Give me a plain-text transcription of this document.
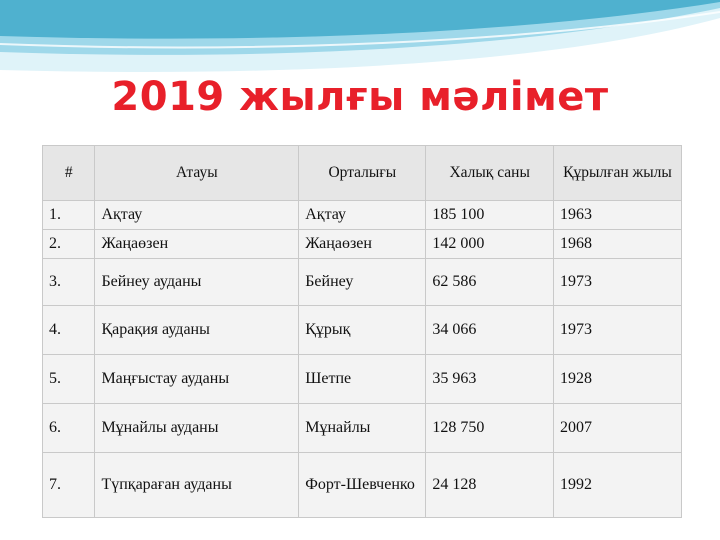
2019 жылғы мәлімет
#	Атауы	Орталығы	Халық саны	Құрылған жылы
1.	Ақтау	Ақтау	185 100	1963
2.	Жаңаөзен	Жаңаөзен	142 000	1968
3.	Бейнеу ауданы	Бейнеу	62 586	1973
4.	Қарақия ауданы	Құрық	34 066	1973
5.	Маңғыстау ауданы	Шетпе	35 963	1928
6.	Мұнайлы ауданы	Мұнайлы	128 750	2007
7.	Түпқараған ауданы	Форт-Шевченко	24 128	1992
